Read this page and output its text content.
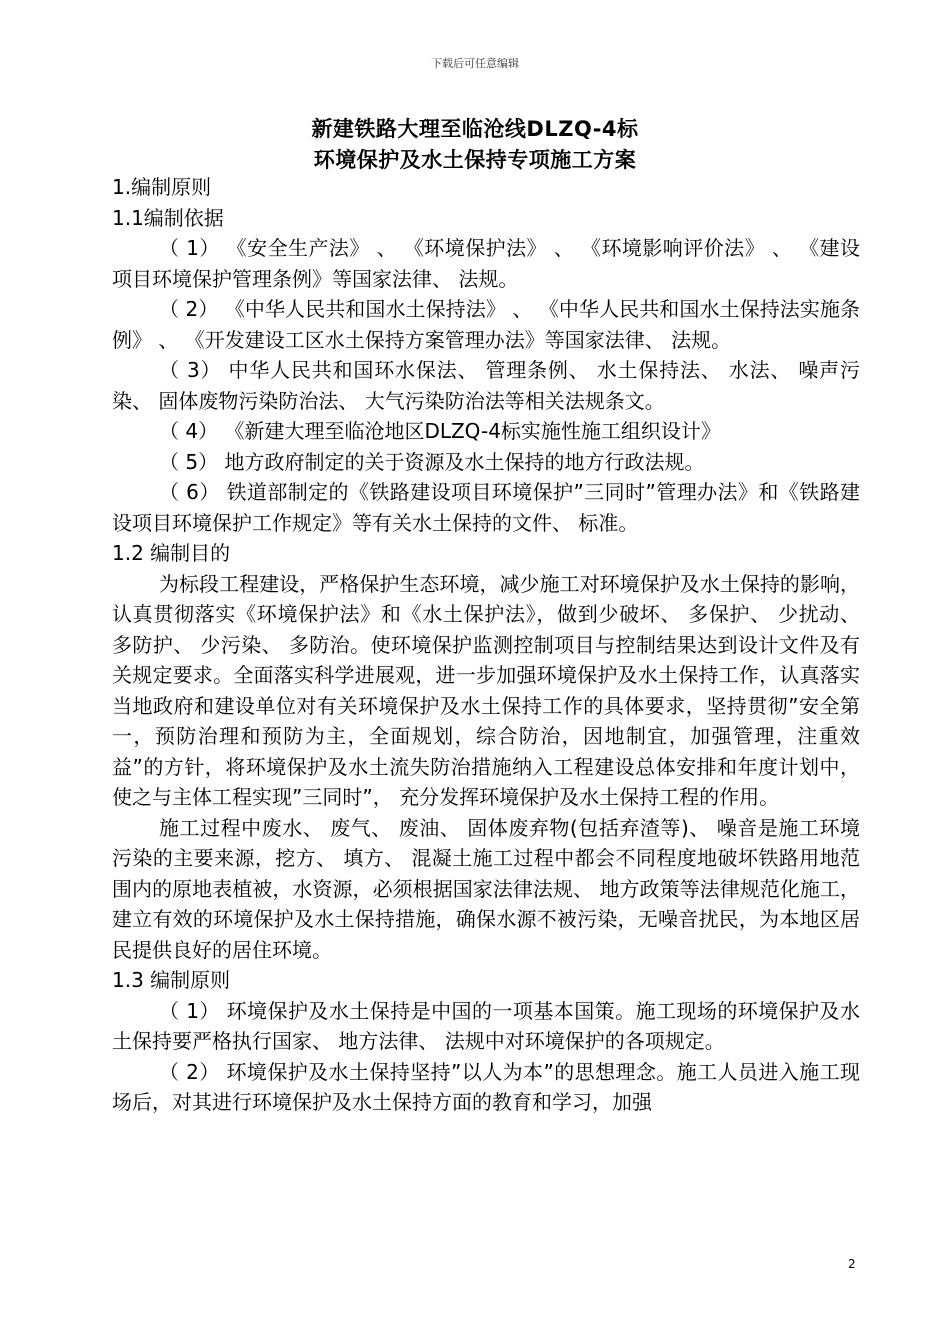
下载后可任意编辑
新建铁路大理至临沧线DLZQ-4标
环境保护及水土保持专项施工方案

1.编制原则

1.1编制依据

（ 1） 《安全生产法》 、 《环境保护法》 、 《环境影响评价法》 、 《建设项目环境保护管理条例》等国家法律、 法规。

（ 2） 《中华人民共和国水土保持法》 、 《中华人民共和国水土保持法实施条例》 、 《开发建设工区水土保持方案管理办法》等国家法律、 法规。

（ 3） 中华人民共和国环水保法、 管理条例、 水土保持法、 水法、 噪声污染、 固体废物污染防治法、 大气污染防治法等相关法规条文。

（ 4） 《新建大理至临沧地区DLZQ-4标实施性施工组织设计》

（ 5） 地方政府制定的关于资源及水土保持的地方行政法规。

（ 6） 铁道部制定的《铁路建设项目环境保护”三同时”管理办法》和《铁路建设项目环境保护工作规定》等有关水土保持的文件、 标准。

1.2 编制目的

为标段工程建设，严格保护生态环境，减少施工对环境保护及水土保持的影响，认真贯彻落实《环境保护法》和《水土保护法》，做到少破坏、 多保护、 少扰动、 多防护、 少污染、 多防治。使环境保护监测控制项目与控制结果达到设计文件及有关规定要求。全面落实科学进展观，进一步加强环境保护及水土保持工作，认真落实当地政府和建设单位对有关环境保护及水土保持工作的具体要求，坚持贯彻”安全第一，预防治理和预防为主，全面规划，综合防治，因地制宜，加强管理，注重效益”的方针，将环境保护及水土流失防治措施纳入工程建设总体安排和年度计划中， 使之与主体工程实现”三同时”， 充分发挥环境保护及水土保持工程的作用。

施工过程中废水、 废气、 废油、 固体废弃物(包括弃渣等)、 噪音是施工环境污染的主要来源，挖方、 填方、 混凝土施工过程中都会不同程度地破坏铁路用地范围内的原地表植被，水资源，必须根据国家法律法规、 地方政策等法律规范化施工，建立有效的环境保护及水土保持措施，确保水源不被污染，无噪音扰民，为本地区居民提供良好的居住环境。

1.3 编制原则

（ 1） 环境保护及水土保持是中国的一项基本国策。施工现场的环境保护及水土保持要严格执行国家、 地方法律、 法规中对环境保护的各项规定。

（ 2） 环境保护及水土保持坚持”以人为本”的思想理念。施工人员进入施工现场后，对其进行环境保护及水土保持方面的教育和学习，加强

2
